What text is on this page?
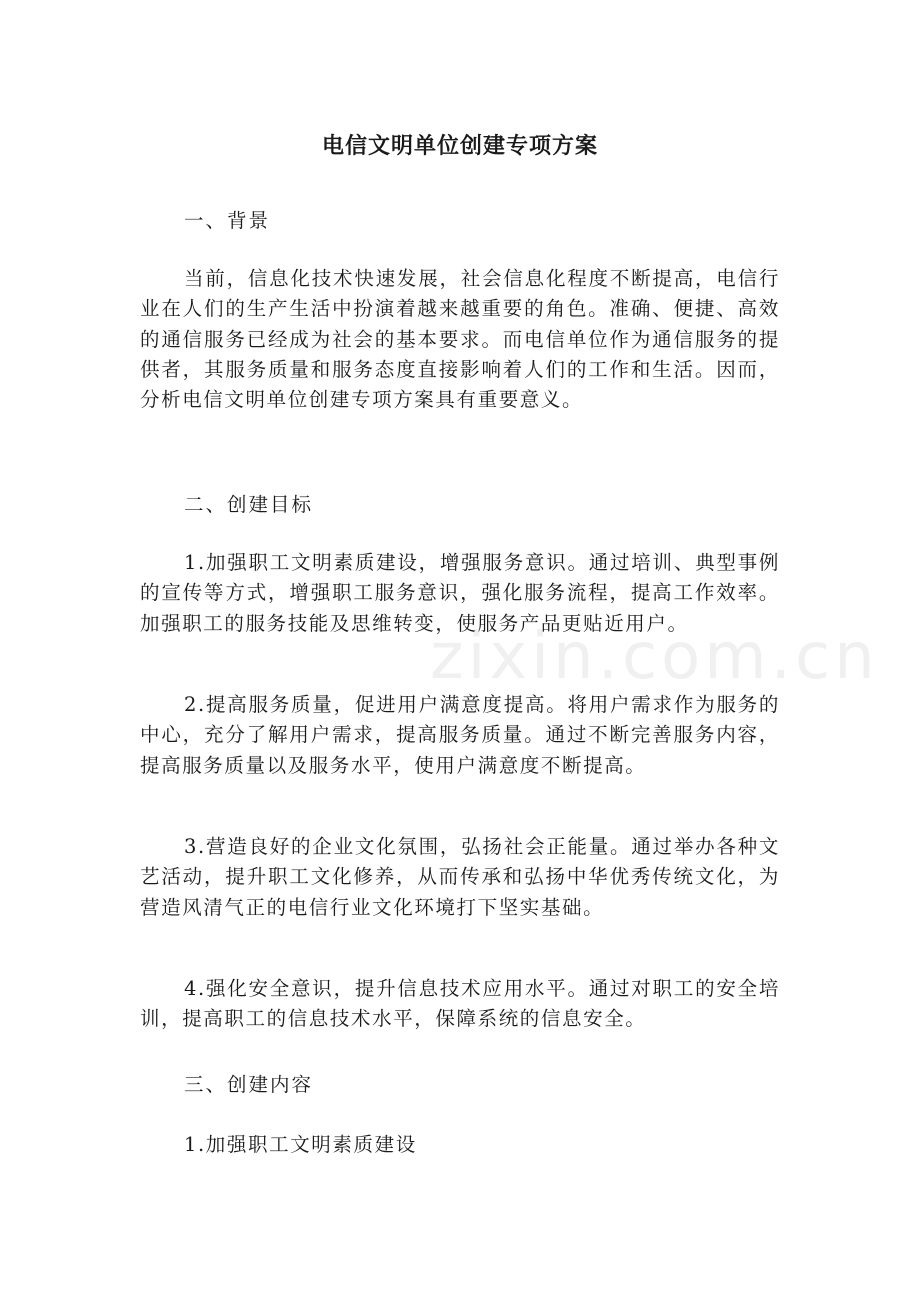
电信文明单位创建专项方案
一、背景
当前，信息化技术快速发展，社会信息化程度不断提高，电信行业在人们的生产生活中扮演着越来越重要的角色。准确、便捷、高效的通信服务已经成为社会的基本要求。而电信单位作为通信服务的提供者，其服务质量和服务态度直接影响着人们的工作和生活。因而，分析电信文明单位创建专项方案具有重要意义。
二、创建目标
1.加强职工文明素质建设，增强服务意识。通过培训、典型事例的宣传等方式，增强职工服务意识，强化服务流程，提高工作效率。加强职工的服务技能及思维转变，使服务产品更贴近用户。
2.提高服务质量，促进用户满意度提高。将用户需求作为服务的中心，充分了解用户需求，提高服务质量。通过不断完善服务内容，提高服务质量以及服务水平，使用户满意度不断提高。
3.营造良好的企业文化氛围，弘扬社会正能量。通过举办各种文艺活动，提升职工文化修养，从而传承和弘扬中华优秀传统文化，为营造风清气正的电信行业文化环境打下坚实基础。
4.强化安全意识，提升信息技术应用水平。通过对职工的安全培训，提高职工的信息技术水平，保障系统的信息安全。
三、创建内容
1.加强职工文明素质建设
zixin.com.cn
